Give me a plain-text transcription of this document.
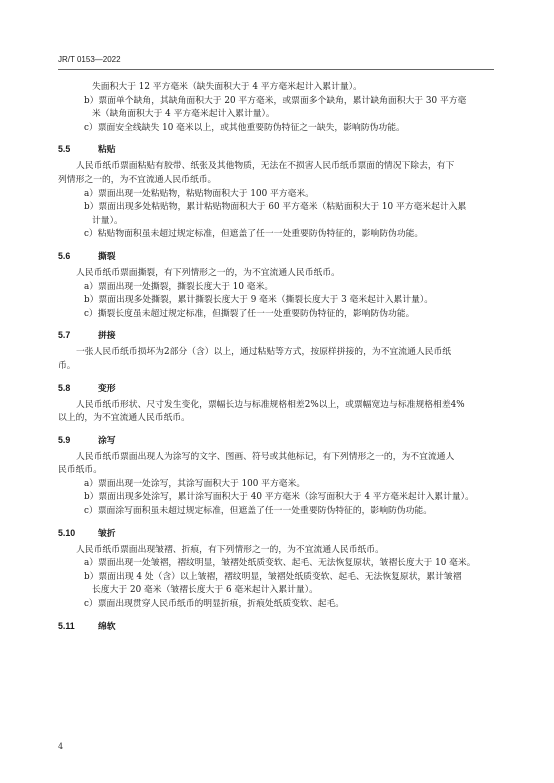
JR/T 0153—2022
失面积大于 12 平方毫米（缺失面积大于 4 平方毫米起计入累计量）。
b）票面单个缺角，其缺角面积大于 20 平方毫米，或票面多个缺角，累计缺角面积大于 30 平方毫
米（缺角面积大于 4 平方毫米起计入累计量）。
c）票面安全线缺失 10 毫米以上，或其他重要防伪特征之一缺失，影响防伪功能。
5.5	粘贴
人民币纸币票面粘贴有胶带、纸张及其他物质，无法在不损害人民币纸币票面的情况下除去，有下
列情形之一的，为不宜流通人民币纸币。
a）票面出现一处粘贴物，粘贴物面积大于 100 平方毫米。
b）票面出现多处粘贴物，累计粘贴物面积大于 60 平方毫米（粘贴面积大于 10 平方毫米起计入累
计量）。
c）粘贴物面积虽未超过规定标准，但遮盖了任一一处重要防伪特征的，影响防伪功能。
5.6	撕裂
人民币纸币票面撕裂，有下列情形之一的，为不宜流通人民币纸币。
a）票面出现一处撕裂，撕裂长度大于 10 毫米。
b）票面出现多处撕裂，累计撕裂长度大于 9 毫米（撕裂长度大于 3 毫米起计入累计量）。
c）撕裂长度虽未超过规定标准，但撕裂了任一一处重要防伪特征的，影响防伪功能。
5.7	拼接
一张人民币纸币损坏为2部分（含）以上，通过粘贴等方式，按原样拼接的，为不宜流通人民币纸
币。
5.8	变形
人民币纸币形状、尺寸发生变化，票幅长边与标准规格相差2%以上，或票幅宽边与标准规格相差4%
以上的，为不宜流通人民币纸币。
5.9	涂写
人民币纸币票面出现人为涂写的文字、图画、符号或其他标记，有下列情形之一的，为不宜流通人
民币纸币。
a）票面出现一处涂写，其涂写面积大于 100 平方毫米。
b）票面出现多处涂写，累计涂写面积大于 40 平方毫米（涂写面积大于 4 平方毫米起计入累计量）。
c）票面涂写面积虽未超过规定标准，但遮盖了任一一处重要防伪特征的，影响防伪功能。
5.10	皱折
人民币纸币票面出现皱褶、折痕，有下列情形之一的，为不宜流通人民币纸币。
a）票面出现一处皱褶，褶纹明显，皱褶处纸质变软、起毛、无法恢复原状，皱褶长度大于 10 毫米。
b）票面出现 4 处（含）以上皱褶，褶纹明显，皱褶处纸质变软、起毛、无法恢复原状，累计皱褶
长度大于 20 毫米（皱褶长度大于 6 毫米起计入累计量）。
c）票面出现贯穿人民币纸币的明显折痕，折痕处纸质变软、起毛。
5.11	绵软
4
